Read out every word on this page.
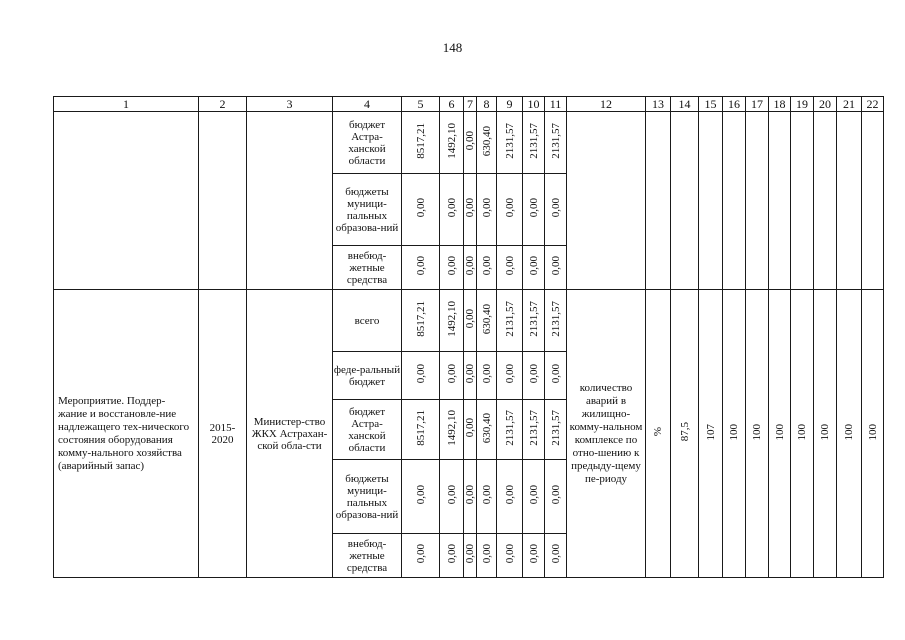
148
1	2	3	4	5	6	7	8	9	10	11	12	13	14	15	16	17	18	19	20	21	22
			бюджет Астра-ханской области	8517,21	1492,10	0,00	630,40	2131,57	2131,57	2131,57											
			бюджеты муници-пальных образова-ний	0,00	0,00	0,00	0,00	0,00	0,00	0,00											
			внебюд-жетные средства	0,00	0,00	0,00	0,00	0,00	0,00	0,00											
Мероприятие. Поддер-жание и восстановле-ние надлежащего тех-нического состояния оборудования комму-нального хозяйства (аварийный запас)	2015-2020	Министер-ство ЖКХ Астрахан-ской обла-сти	всего	8517,21	1492,10	0,00	630,40	2131,57	2131,57	2131,57	количество аварий в жилищно-комму-нальном комплексе по отно-шению к предыду-щему пе-риоду	%	87,5	107	100	100	100	100	100	100	100
			феде-ральный бюджет	0,00	0,00	0,00	0,00	0,00	0,00	0,00											
			бюджет Астра-ханской области	8517,21	1492,10	0,00	630,40	2131,57	2131,57	2131,57											
			бюджеты муници-пальных образова-ний	0,00	0,00	0,00	0,00	0,00	0,00	0,00											
			внебюд-жетные средства	0,00	0,00	0,00	0,00	0,00	0,00	0,00											
